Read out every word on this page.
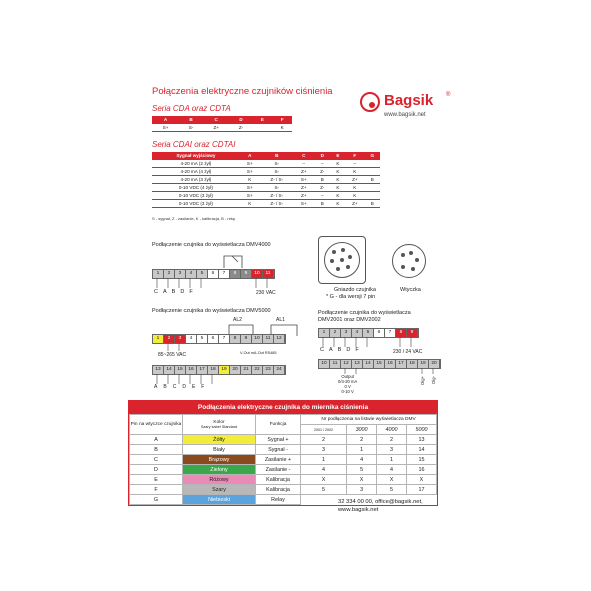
Połączenia elektryczne czujników ciśnienia
Bagsik ®
www.bagsik.net
Seria CDA oraz CDTA
A	B	C	D	E	F
S+	S-	Z+	Z-		K
Seria CDAI oraz CDTAI
Sygnał wyjściowy	A	B	C	D	E	F	G
4-20 mA (2 żył)	S+	S-	–	–	K	–	
4-20 mA (4 żył)	S+	S-	Z+	Z-	K	K	
4-20 mA (3 żył)	K	Z- / S-	S+	B	K	Z+	B
0-10 VDC (4 żył)	S+	S-	Z+	Z-	K	K	
0-10 VDC (3 żył)	S+	Z- / S-	Z+	–	K	K	
0-10 VDC (3 żył)	K	Z- / S-	S+	B	K	Z+	B
S - sygnał, Z - zasilanie, K - kalibracja, B - rekę
Podłączenie czujnika do wyświetlacza DMV4000
1	2	3	4	5	6	7	8	9	10	11
C A B D F	230 VAC	Gniazdo czujnika
* G - dla wersji 7 pin
Wtyczka
Podłączenie czujnika do wyświetlacza DMV5000
AL2	AL1
1	2	3	4	5	6	7	8	9	10	11	12
85~265 VAC	V-Out mA-Out RS485
13	14	15	16	17	18	19	20	21	22	23	24
A B C D E F
Podłączenie czujnika do wyświetlacza
DMV2001 oraz DMV2002
1	2	3	4	5	6	7	8	9
C A B D F	230 / 24 VAC
10	11	12	13	14	15	16	17	18	19	20
Output
0/4-20 mA
0 V
0-10 V
Dig+ Dig-
Podłączenia elektryczne czujnika do miernika ciśnienia
Pin na wtyczce czujnika	Kolor
Szary kabel Standard	Funkcja	Nr podłączenia na listwie wyświetlacza DMV			
			2001 / 2002	3000	4000	5000
A	Żółty	Sygnał +	2	2	2	13
B	Biały	Sygnał -	3	1	3	14
C	Brązowy	Zasilanie +	1	4	1	15
D	Zielony	Zasilanie -	4	5	4	16
E	Różowy	Kalibracja	X	X	X	X
F	Szary	Kalibracja	5	3	5	17
G	Niebieski	Relay					32 334 00 00, office@bagsik.net,
www.bagsik.net
